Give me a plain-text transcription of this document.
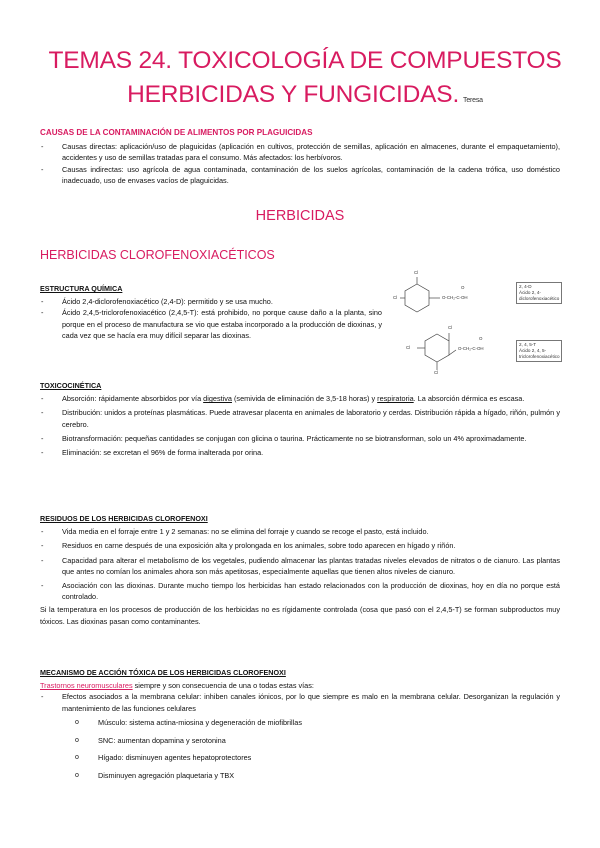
TEMAS 24. TOXICOLOGÍA DE COMPUESTOS
HERBICIDAS Y FUNGICIDAS. Teresa
CAUSAS DE LA CONTAMINACIÓN DE ALIMENTOS POR PLAGUICIDAS
- Causas directas: aplicación/uso de plaguicidas (aplicación en cultivos, protección de semillas, aplicación en almacenes, durante el empaquetamiento), accidentes y uso de semillas tratadas para el consumo. Más afectados: los herbívoros.
- Causas indirectas: uso agrícola de agua contaminada, contaminación de los suelos agrícolas, contaminación de la cadena trófica, uso doméstico inadecuado, uso de envases vacíos de plaguicidas.
HERBICIDAS
HERBICIDAS CLOROFENOXIACÉTICOS
ESTRUCTURA QUÍMICA
- Ácido 2,4-diclorofenoxiacético (2,4-D): permitido y se usa mucho.
- Ácido 2,4,5-triclorofenoxiacético (2,4,5-T): está prohibido, no porque cause daño a la planta, sino porque en el proceso de manufactura se vio que estaba incorporado a la producción de dioxinas, y cada vez que se hacía era muy difícil separar las dioxinas.
Cl
Cl	O-CH₂-C-OH
O
Cl
Cl
Cl
O-CH₂-C-OH
O
2, 4-D
Ácido 2, 4-diclorofenoxiacético
2, 4, 5-T
Ácido 2, 4, 5-triclorofenoxiacético
TOXICOCINÉTICA
- Absorción: rápidamente absorbidos por vía digestiva (semivida de eliminación de 3,5-18 horas) y respiratoria. La absorción dérmica es escasa.
- Distribución: unidos a proteínas plasmáticas. Puede atravesar placenta en animales de laboratorio y cerdas. Distribución rápida a hígado, riñón, pulmón y cerebro.
- Biotransformación: pequeñas cantidades se conjugan con glicina o taurina. Prácticamente no se biotransforman, solo un 4% aproximadamente.
- Eliminación: se excretan el 96% de forma inalterada por orina.
RESIDUOS DE LOS HERBICIDAS CLOROFENOXI
- Vida media en el forraje entre 1 y 2 semanas: no se elimina del forraje y cuando se recoge el pasto, está incluido.
- Residuos en carne después de una exposición alta y prolongada en los animales, sobre todo aparecen en hígado y riñón.
- Capacidad para alterar el metabolismo de los vegetales, pudiendo almacenar las plantas tratadas niveles elevados de nitratos o de cianuro. Las plantas que antes no comían los animales ahora son más apetitosas, especialmente aquellas que tienen altos niveles de cianuro.
- Asociación con las dioxinas. Durante mucho tiempo los herbicidas han estado relacionados con la producción de dioxinas, hoy en día no porque está controlado.
Si la temperatura en los procesos de producción de los herbicidas no es rígidamente controlada (cosa que pasó con el 2,4,5-T) se forman subproductos muy tóxicos. Las dioxinas pasan como contaminantes.
MECANISMO DE ACCIÓN TÓXICA DE LOS HERBICIDAS CLOROFENOXI
Trastornos neuromusculares siempre y son consecuencia de una o todas estas vías:
- Efectos asociados a la membrana celular: inhiben canales iónicos, por lo que siempre es malo en la membrana celular. Desorganizan la regulación y mantenimiento de las funciones celulares
o Músculo: sistema actina-miosina y degeneración de miofibrillas
o SNC: aumentan dopamina y serotonina
o Hígado: disminuyen agentes hepatoprotectores
o Disminuyen agregación plaquetaria y TBX
